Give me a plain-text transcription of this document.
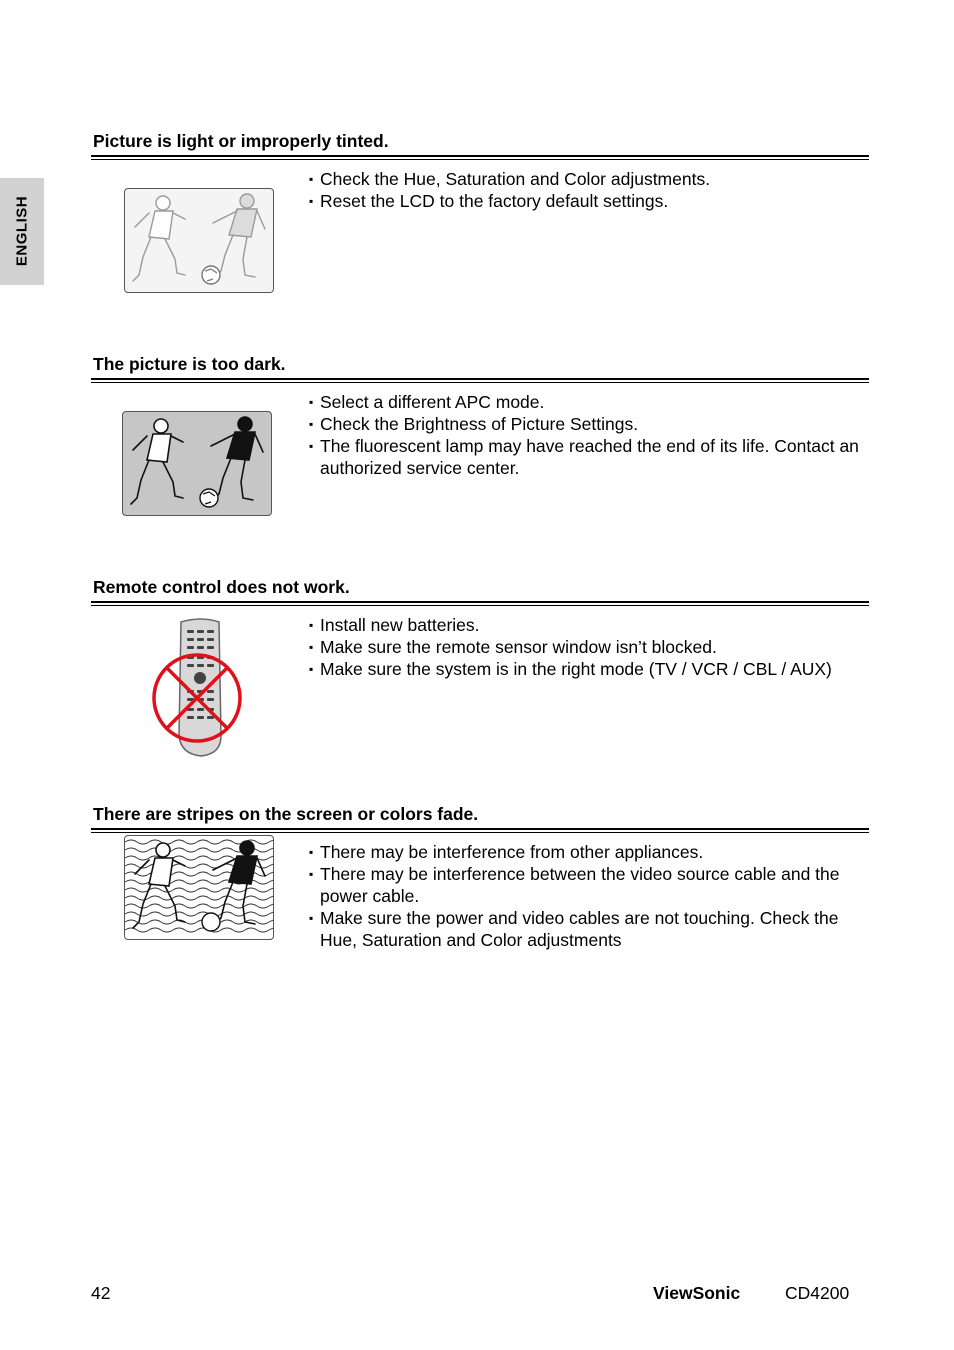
ENGLISH
Picture is light or improperly tinted.
▪ Check the Hue, Saturation and Color adjustments.
▪ Reset the LCD to the factory default settings.
The picture is too dark.
▪ Select a different APC mode.
▪ Check the Brightness of Picture Settings.
▪ The fluorescent lamp may have reached the end of its life. Contact an authorized service center.
Remote control does not work.
▪ Install new batteries.
▪ Make sure the remote sensor window isn’t blocked.
▪ Make sure the system is in the right mode (TV / VCR / CBL / AUX)
There are stripes on the screen or colors fade.
▪ There may be interference from other appliances.
▪ There may be interference between the video source cable and the power cable.
▪ Make sure the power and video cables are not touching. Check the Hue, Saturation and Color adjustments
42	ViewSonic	CD4200
